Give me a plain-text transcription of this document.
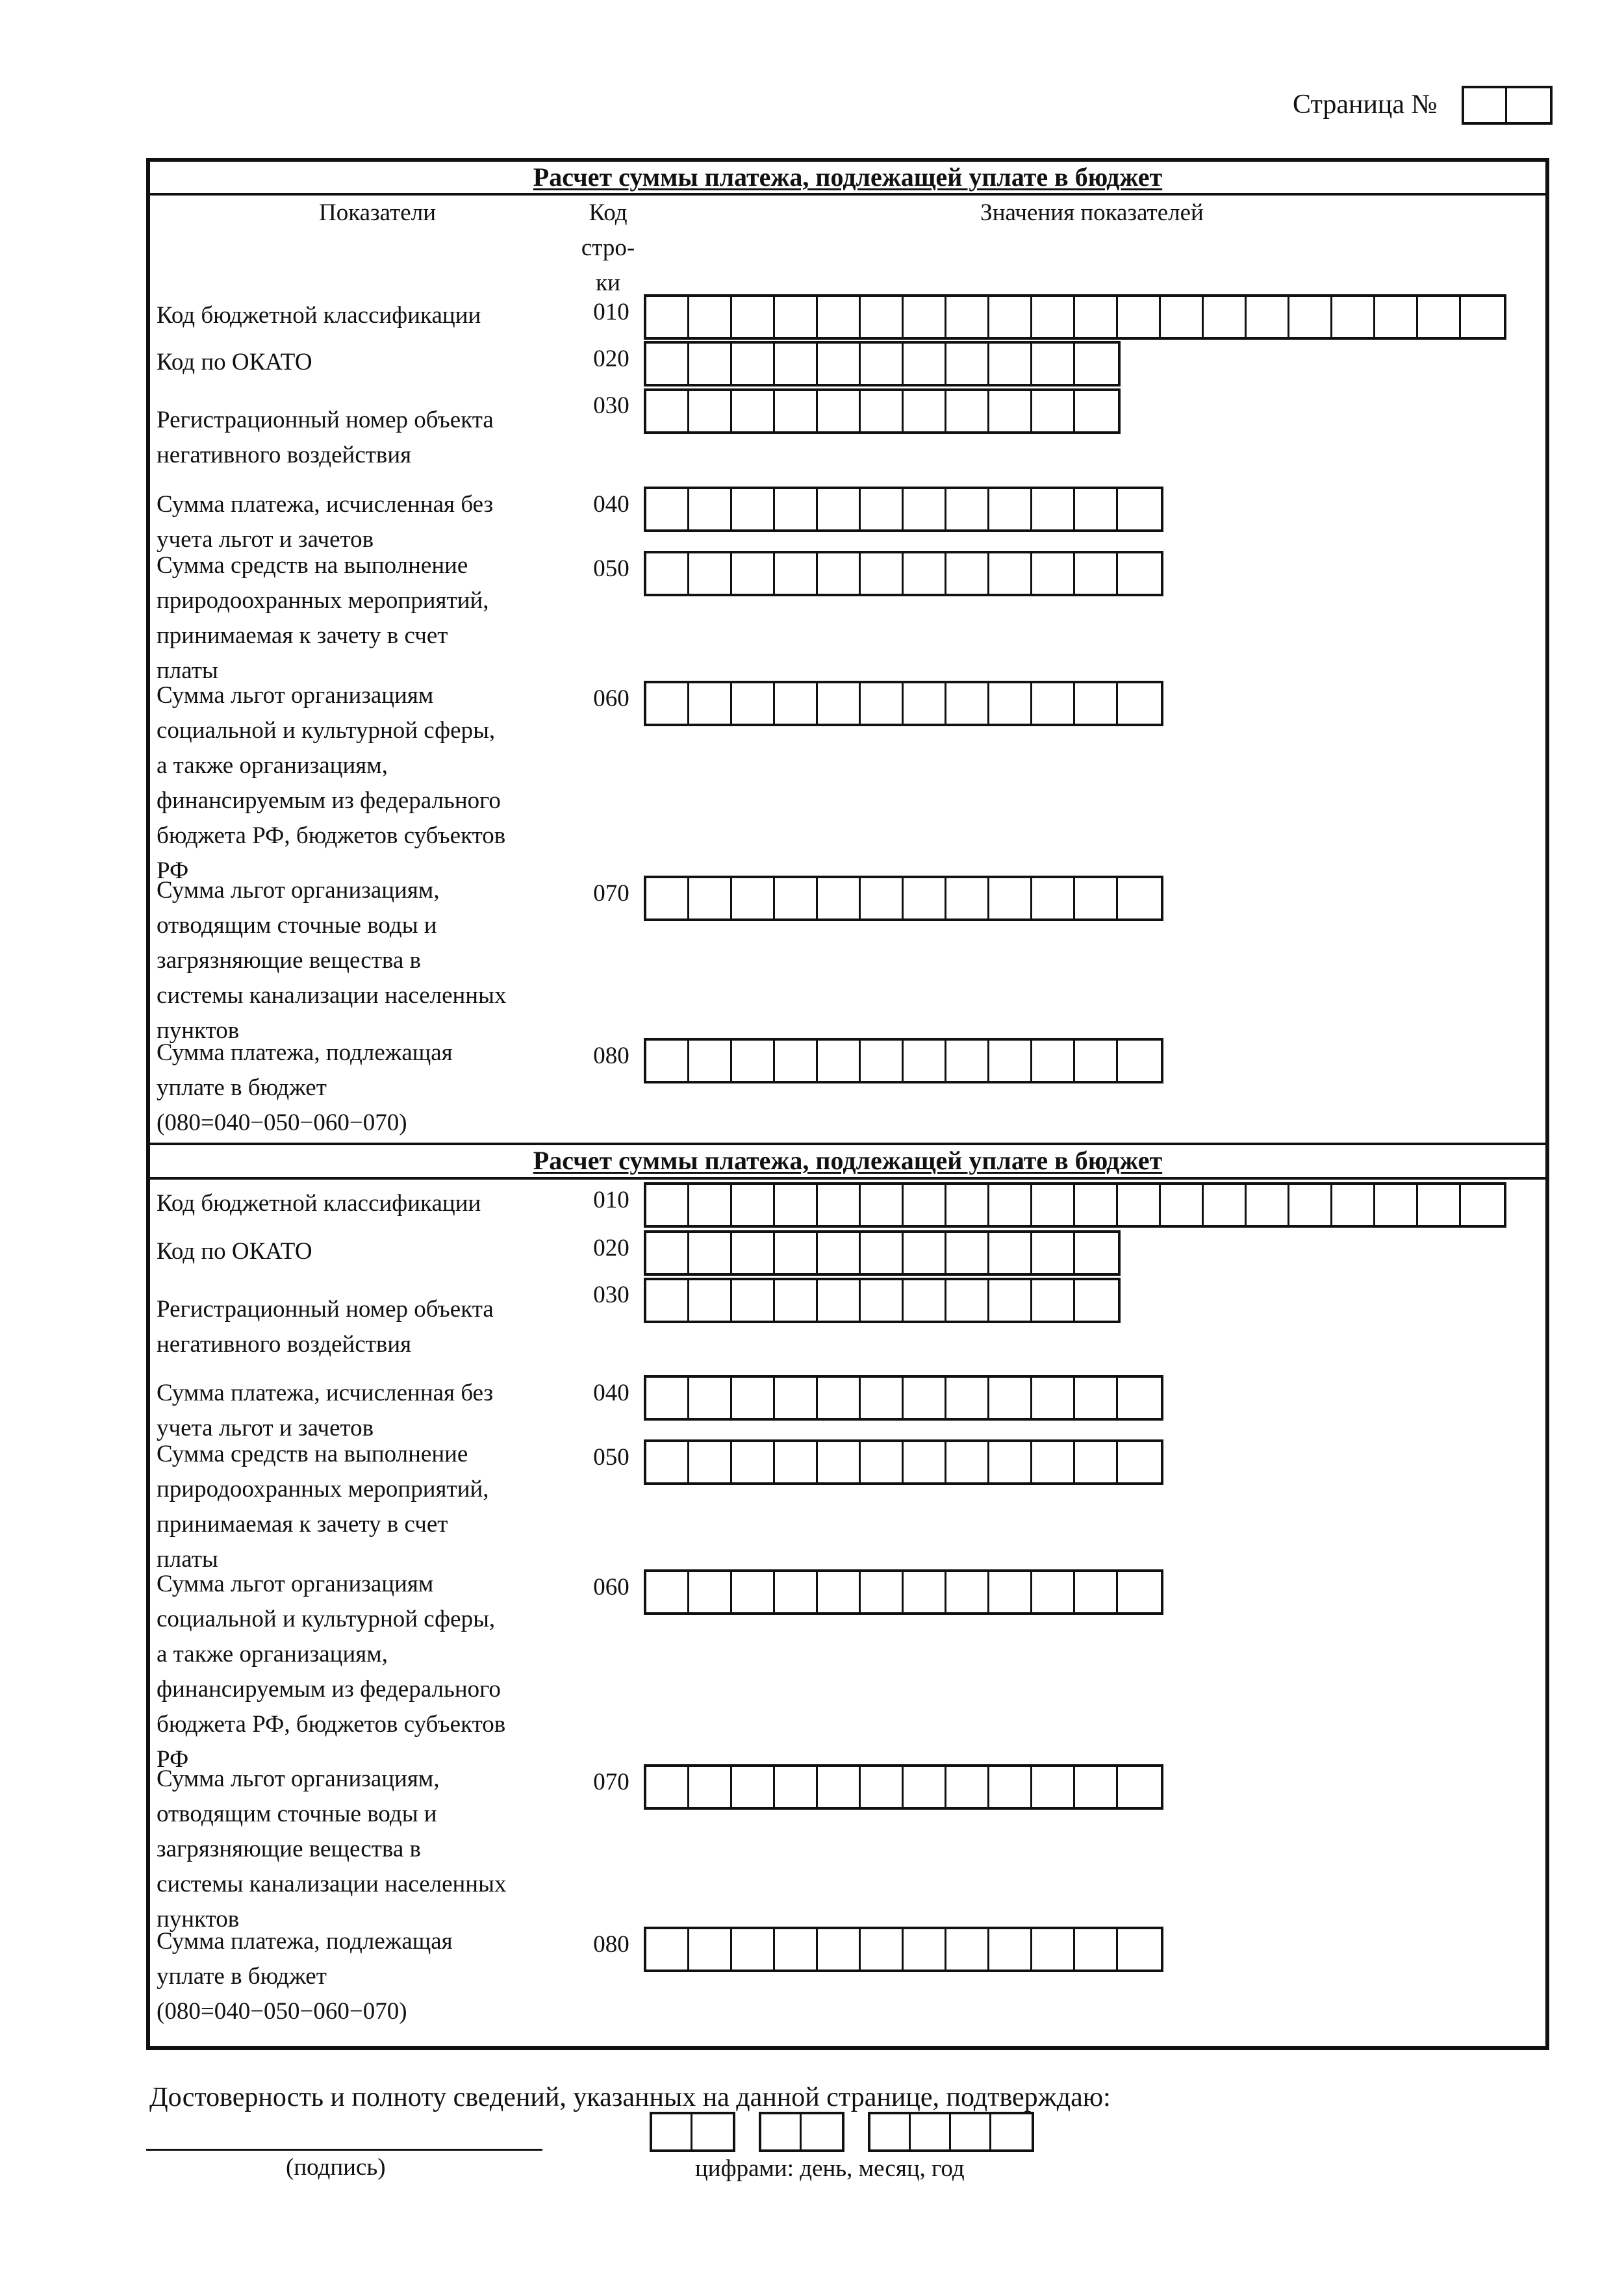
Страница №
Расчет суммы платежа, подлежащей уплате в бюджет
Показатели	Код стро- ки
Значения показателей
Код бюджетной классификации	010
Код по ОКАТО	020
Регистрационный номер объекта
негативного воздействия
030
Сумма платежа, исчисленная без
учета льгот и зачетов
040
Сумма средств на выполнение
природоохранных мероприятий,
принимаемая к зачету в счет
платы
050
Сумма льгот организациям
социальной и культурной сферы,
а также организациям,
финансируемым из федерального
бюджета РФ, бюджетов субъектов
РФ
060
Сумма льгот организациям,
отводящим сточные воды и
загрязняющие вещества в
системы канализации населенных
пунктов
070
Сумма платежа, подлежащая
уплате в бюджет
(080=040−050−060−070)
080
Расчет суммы платежа, подлежащей уплате в бюджет
Код бюджетной классификации	010
Код по ОКАТО	020
Регистрационный номер объекта
негативного воздействия
030
Сумма платежа, исчисленная без
учета льгот и зачетов
040
Сумма средств на выполнение
природоохранных мероприятий,
принимаемая к зачету в счет
платы
050
Сумма льгот организациям
социальной и культурной сферы,
а также организациям,
финансируемым из федерального
бюджета РФ, бюджетов субъектов
РФ
060
Сумма льгот организациям,
отводящим сточные воды и
загрязняющие вещества в
системы канализации населенных
пунктов
070
Сумма платежа, подлежащая
уплате в бюджет
(080=040−050−060−070)
080
Достоверность и полноту сведений, указанных на данной странице, подтверждаю:
(подпись)	цифрами: день, месяц, год
